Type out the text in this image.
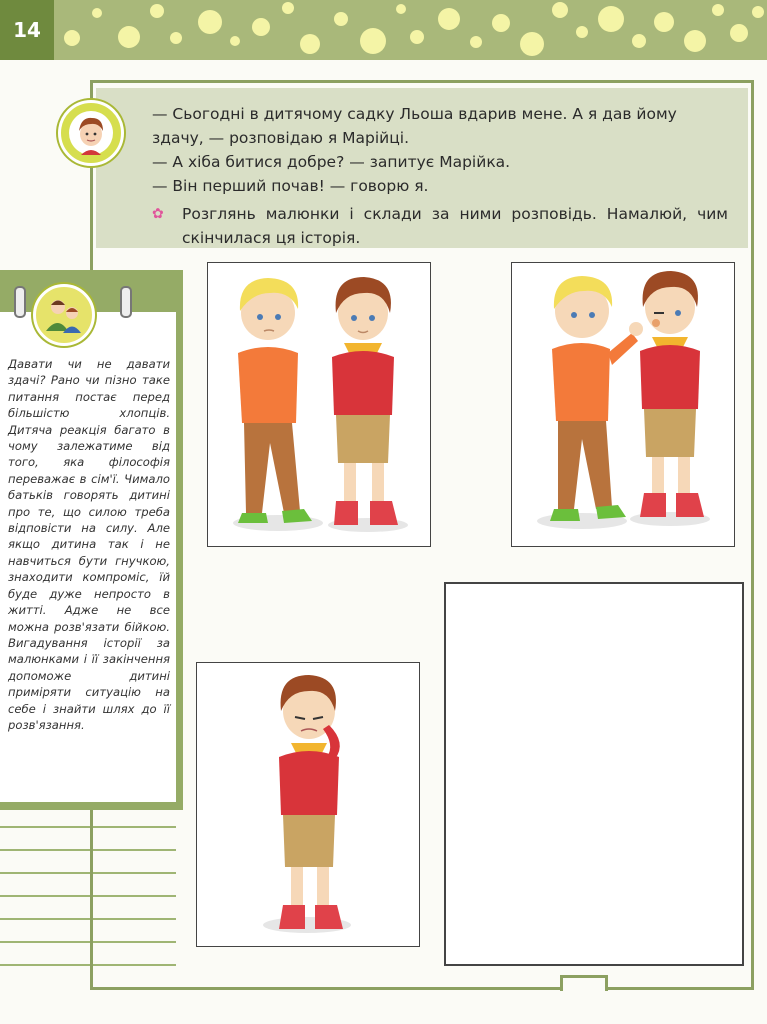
14

— Сьогодні в дитячому садку Льоша вдарив мене. А я дав йому здачу, — розповідаю я Марійці.

— А хіба битися добре? — запитує Марійка.

— Він перший почав! — говорю я.

✿	Розглянь малюнки і склади за ними розповідь. Намалюй, чим скінчилася ця історія.
Давати чи не давати здачі? Рано чи пізно таке питання постає перед більшістю хлопців. Дитяча реакція багато в чому залежатиме від того, яка філософія переважає в сім'ї. Чимало батьків говорять дитині про те, що силою треба відповісти на силу. Але якщо дитина так і не навчиться бути гнучкою, знаходити компроміс, їй буде дуже непросто в житті. Адже не все можна розв'язати бійкою. Вигадування історії за малюнками і її закінчення допоможе дитині приміряти ситуацію на себе і знайти шлях до її розв'язання.
